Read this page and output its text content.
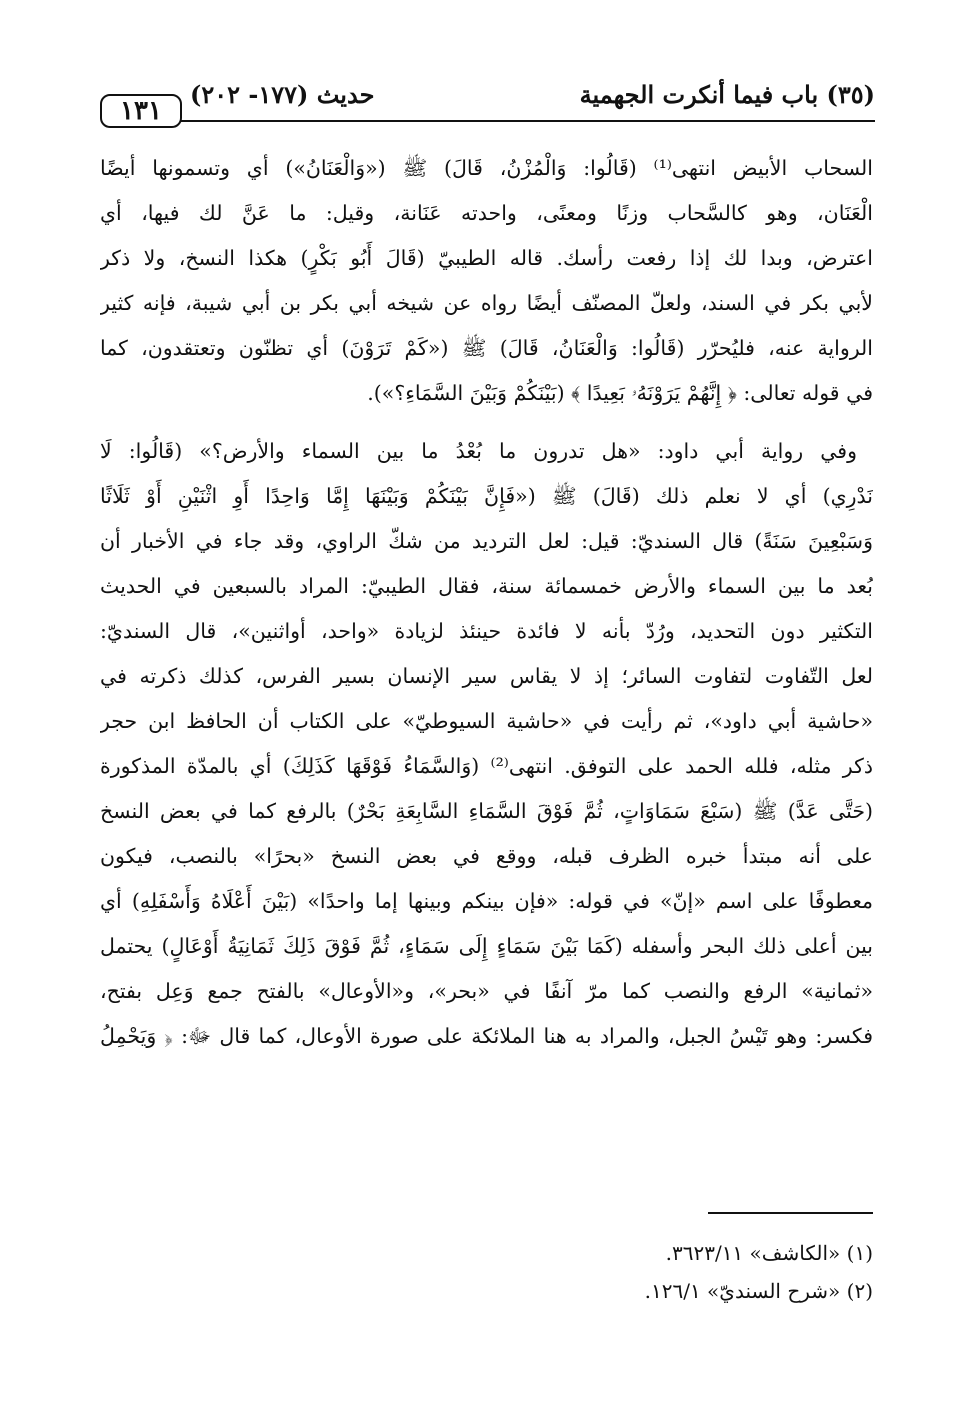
١٣١
حديث (١٧٧- ٢٠٢)	(٣٥) باب فيما أنكرت الجهمية
السحاب الأبيض انتهى⁽¹⁾ (قَالُوا: وَالْمُزْنُ، قَالَ) ﷺ («وَالْعَنَانُ») أي وتسمونها أيضًا
الْعَنَان، وهو كالسَّحاب وزنًا ومعنًى، واحدته عَنَانة، وقيل: ما عَنَّ لك فيها، أي
اعترض، وبدا لك إذا رفعت رأسك. قاله الطيبيّ (قَالَ أَبُو بَكْرٍ) هكذا النسخ، ولا ذكر
لأبي بكر في السند، ولعلّ المصنّف أيضًا رواه عن شيخه أبي بكر بن أبي شيبة، فإنه كثير
الرواية عنه، فليُحرّر (قَالُوا: وَالْعَنَانُ، قَالَ) ﷺ («كَمْ تَرَوْنَ) أي تظنّون وتعتقدون، كما
في قوله تعالى: ﴿ إِنَّهُمْ يَرَوْنَهُۥ بَعِيدًا ﴾ (بَيْنَكُمْ وَبَيْنَ السَّمَاءِ؟»).
وفي رواية أبي داود: «هل تدرون ما بُعْدُ ما بين السماء والأرض؟» (قَالُوا: لَا
نَدْرِي) أي لا نعلم ذلك (قَالَ) ﷺ («فَإِنَّ بَيْنَكُمْ وَبَيْنَهَا إِمَّا وَاحِدًا أَوِ اثْنَيْنِ أَوْ ثَلَاثًا
وَسَبْعِينَ سَنَةً) قال السنديّ: قيل: لعل الترديد من شكّ الراوي، وقد جاء في الأخبار أن
بُعد ما بين السماء والأرض خمسمائة سنة، فقال الطيبيّ: المراد بالسبعين في الحديث
التكثير دون التحديد، ورُدّ بأنه لا فائدة حينئذ لزيادة «واحد، أواثنين»، قال السنديّ:
لعل التّفاوت لتفاوت السائر؛ إذ لا يقاس سير الإنسان بسير الفرس، كذلك ذكرته في
«حاشية أبي داود»، ثم رأيت في «حاشية السيوطيّ» على الكتاب أن الحافظ ابن حجر
ذكر مثله، فلله الحمد على التوفق. انتهى⁽²⁾ (وَالسَّمَاءُ فَوْقَهَا كَذَلِكَ) أي بالمدّة المذكورة
(حَتَّى عَدَّ) ﷺ (سَبْعَ سَمَاوَاتٍ، ثُمَّ فَوْقَ السَّمَاءِ السَّابِعَةِ بَحْرٌ) بالرفع كما في بعض النسخ
على أنه مبتدأ خبره الظرف قبله، ووقع في بعض النسخ «بحرًا» بالنصب، فيكون
معطوفًا على اسم «إنّ» في قوله: «فإن بينكم وبينها إما واحدًا» (بَيْنَ أَعْلَاهُ وَأَسْفَلِهِ) أي
بين أعلى ذلك البحر وأسفله (كَمَا بَيْنَ سَمَاءٍ إِلَى سَمَاءٍ، ثُمَّ فَوْقَ ذَلِكَ ثَمَانِيَةُ أَوْعَالٍ) يحتمل
«ثمانية» الرفع والنصب كما مرّ آنفًا في «بحر»، و«الأوعال» بالفتح جمع وَعِل بفتح،
فكسر: وهو تَيْسُ الجبل، والمراد به هنا الملائكة على صورة الأوعال، كما قال ﷻ: ﴿ وَيَحْمِلُ
(١) «الكاشف» ٣٦٢٣/١١.
(٢) «شرح السنديّ» ١٢٦/١.
